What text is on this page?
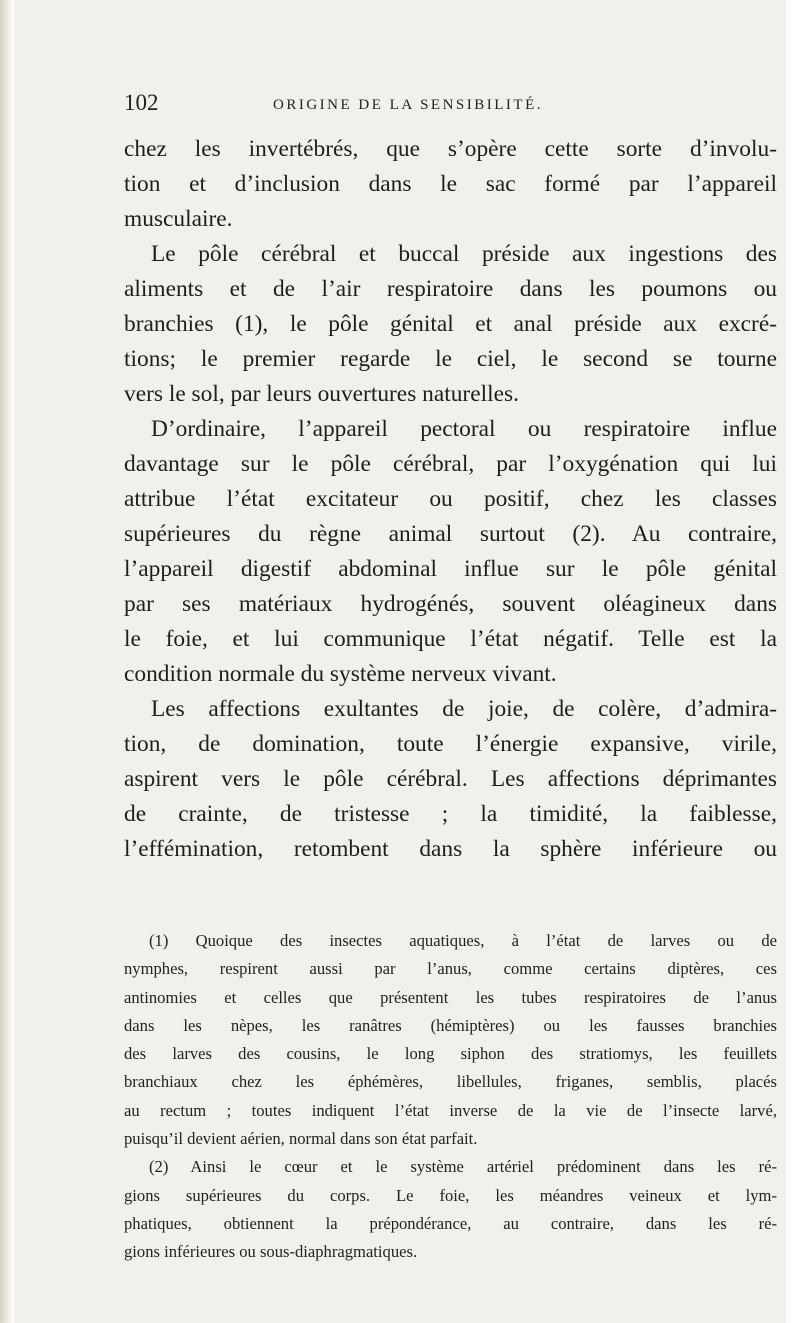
102	ORIGINE DE LA SENSIBILITÉ.
chez les invertébrés, que s’opère cette sorte d’involu-
tion et d’inclusion dans le sac formé par l’appareil
musculaire.
Le pôle cérébral et buccal préside aux ingestions des
aliments et de l’air respiratoire dans les poumons ou
branchies (1), le pôle génital et anal préside aux excré-
tions; le premier regarde le ciel, le second se tourne
vers le sol, par leurs ouvertures naturelles.
D’ordinaire, l’appareil pectoral ou respiratoire influe
davantage sur le pôle cérébral, par l’oxygénation qui lui
attribue l’état excitateur ou positif, chez les classes
supérieures du règne animal surtout (2). Au contraire,
l’appareil digestif abdominal influe sur le pôle génital
par ses matériaux hydrogénés, souvent oléagineux dans
le foie, et lui communique l’état négatif. Telle est la
condition normale du système nerveux vivant.
Les affections exultantes de joie, de colère, d’admira-
tion, de domination, toute l’énergie expansive, virile,
aspirent vers le pôle cérébral. Les affections déprimantes
de crainte, de tristesse ; la timidité, la faiblesse,
l’effémination, retombent dans la sphère inférieure ou
(1) Quoique des insectes aquatiques, à l’état de larves ou de
nymphes, respirent aussi par l’anus, comme certains diptères, ces
antinomies et celles que présentent les tubes respiratoires de l’anus
dans les nèpes, les ranâtres (hémiptères) ou les fausses branchies
des larves des cousins, le long siphon des stratiomys, les feuillets
branchiaux chez les éphémères, libellules, friganes, semblis, placés
au rectum ; toutes indiquent l’état inverse de la vie de l’insecte larvé,
puisqu’il devient aérien, normal dans son état parfait.
(2) Ainsi le cœur et le système artériel prédominent dans les ré-
gions supérieures du corps. Le foie, les méandres veineux et lym-
phatiques, obtiennent la prépondérance, au contraire, dans les ré-
gions inférieures ou sous-diaphragmatiques.
